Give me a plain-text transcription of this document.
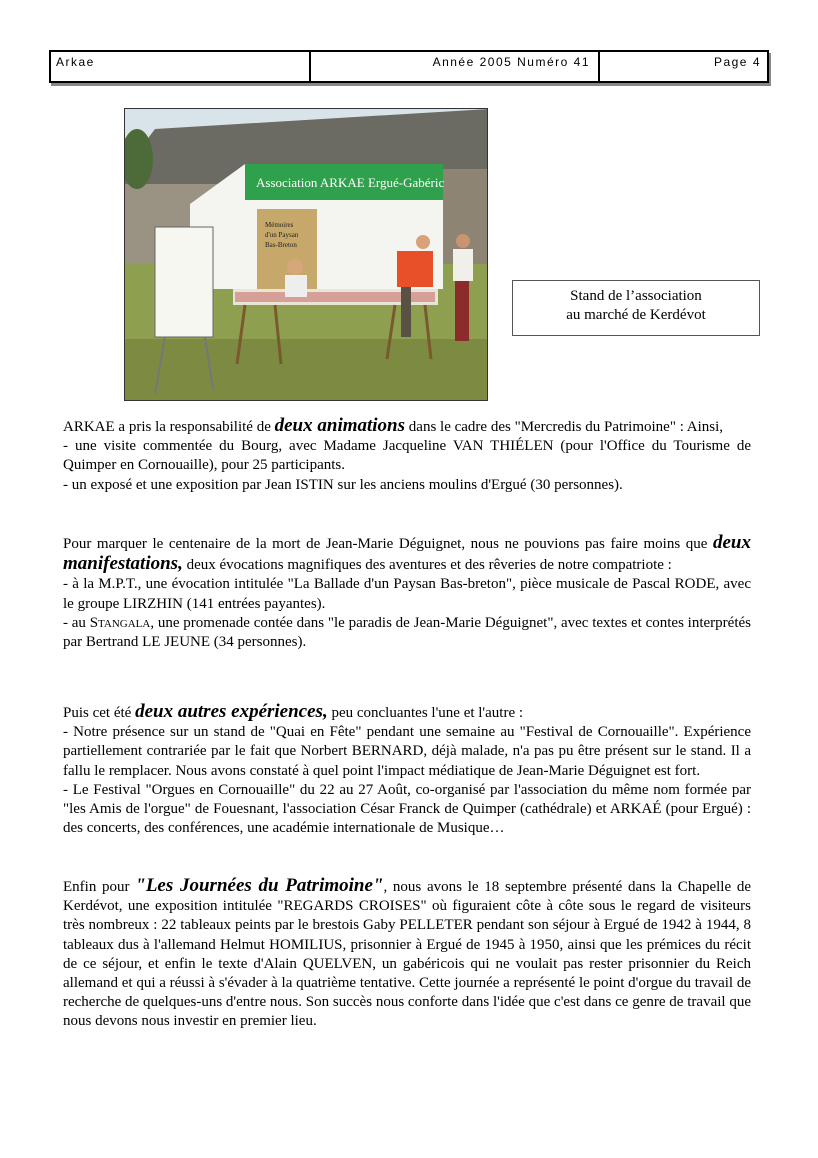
Arkae	Année 2005 Numéro 41	Page 4
Association ARKAE Ergué-Gabéric
Mémoires d'un Paysan Bas-Breton
Stand de l’association
au marché de Kerdévot

ARKAE a pris la responsabilité de deux animations dans le cadre des "Mercredis du Patrimoine" : Ainsi,

- une visite commentée du Bourg, avec Madame Jacqueline VAN THIÉLEN (pour l'Office du Tourisme de Quimper en Cornouaille), pour 25 participants.

- un exposé et une exposition par Jean ISTIN sur les anciens moulins d'Ergué (30 personnes).

Pour marquer le centenaire de la mort de Jean-Marie Déguignet, nous ne pouvions pas faire moins que deux manifestations, deux évocations magnifiques des aventures et des rêveries de notre compatriote :

- à la M.P.T., une évocation intitulée "La Ballade d'un Paysan Bas-breton", pièce musicale de Pascal RODE, avec le groupe LIRZHIN (141 entrées payantes).

- au Stangala, une promenade contée dans "le paradis de Jean-Marie Déguignet", avec textes et contes interprétés par Bertrand LE JEUNE (34 personnes).

Puis cet été deux autres expériences, peu concluantes l'une et l'autre :

- Notre présence sur un stand de "Quai en Fête" pendant une semaine au "Festival de Cornouaille". Expérience partiellement contrariée par le fait que Norbert BERNARD, déjà malade, n'a pas pu être présent sur le stand. Il a fallu le remplacer. Nous avons constaté à quel point l'impact médiatique de Jean-Marie Déguignet est fort.

- Le Festival "Orgues en Cornouaille" du 22 au 27 Août, co-organisé par l'association du même nom formée par "les Amis de l'orgue" de Fouesnant, l'association César Franck de Quimper (cathédrale) et ARKAÉ (pour Ergué) : des concerts, des conférences, une académie internationale de Musique…

Enfin pour "Les Journées du Patrimoine", nous avons le 18 septembre présenté dans la Chapelle de Kerdévot, une exposition intitulée "REGARDS CROISES" où figuraient côte à côte sous le regard de visiteurs très nombreux : 22 tableaux peints par le brestois Gaby PELLETER pendant son séjour à Ergué de 1942 à 1944, 8 tableaux dus à l'allemand Helmut HOMILIUS, prisonnier à Ergué de 1945 à 1950, ainsi que les prémices du récit de ce séjour, et enfin le texte d'Alain QUELVEN, un gabéricois qui ne voulait pas rester prisonnier du Reich allemand et qui a réussi à s'évader à la quatrième tentative. Cette journée a représenté le point d'orgue du travail de recherche de quelques-uns d'entre nous. Son succès nous conforte dans l'idée que c'est dans ce genre de travail que nous devons nous investir en premier lieu.
